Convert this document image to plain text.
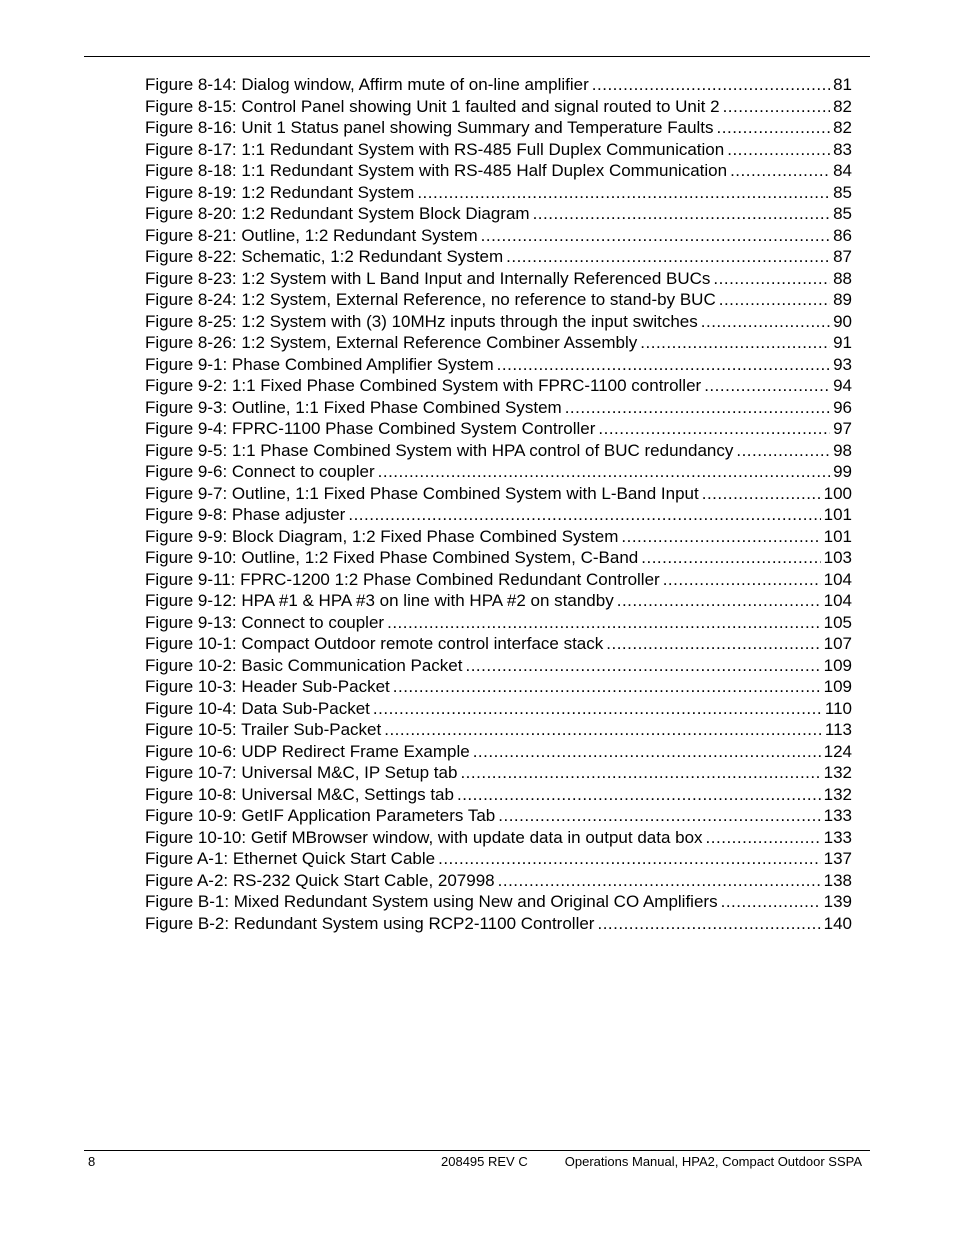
Figure 8-14: Dialog window, Affirm mute of on-line amplifier .....	81
Figure 8-15: Control Panel showing Unit 1 faulted and signal routed to Unit 2 .....	82
Figure 8-16: Unit 1 Status panel showing Summary and Temperature Faults .....	82
Figure 8-17: 1:1 Redundant System with RS-485 Full Duplex Communication .....	83
Figure 8-18: 1:1 Redundant System with RS-485 Half Duplex Communication .....	84
Figure 8-19: 1:2 Redundant System .....	85
Figure 8-20: 1:2 Redundant System Block Diagram .....	85
Figure 8-21: Outline, 1:2 Redundant System .....	86
Figure 8-22: Schematic, 1:2 Redundant System .....	87
Figure 8-23: 1:2 System with L Band Input and Internally Referenced BUCs .....	88
Figure 8-24: 1:2 System, External Reference, no reference to stand-by BUC .....	89
Figure 8-25: 1:2 System with (3) 10MHz inputs through the input switches .....	90
Figure 8-26: 1:2 System, External Reference Combiner Assembly .....	91
Figure 9-1: Phase Combined Amplifier System .....	93
Figure 9-2: 1:1 Fixed Phase Combined System with FPRC-1100 controller .....	94
Figure 9-3: Outline, 1:1 Fixed Phase Combined System .....	96
Figure 9-4: FPRC-1100 Phase Combined System Controller .....	97
Figure 9-5: 1:1 Phase Combined System with HPA control of BUC redundancy .....	98
Figure 9-6: Connect to coupler .....	99
Figure 9-7: Outline, 1:1 Fixed Phase Combined System with L-Band Input .....	100
Figure 9-8: Phase adjuster .....	101
Figure 9-9: Block Diagram, 1:2 Fixed Phase Combined System .....	101
Figure 9-10: Outline, 1:2 Fixed Phase Combined System, C-Band .....	103
Figure 9-11: FPRC-1200 1:2 Phase Combined Redundant Controller .....	104
Figure 9-12: HPA #1 & HPA #3 on line with HPA #2 on standby .....	104
Figure 9-13: Connect to coupler .....	105
Figure 10-1: Compact Outdoor remote control interface stack .....	107
Figure 10-2: Basic Communication Packet .....	109
Figure 10-3: Header Sub-Packet .....	109
Figure 10-4: Data Sub-Packet .....	110
Figure 10-5: Trailer Sub-Packet .....	113
Figure 10-6: UDP Redirect Frame Example .....	124
Figure 10-7: Universal M&C, IP Setup tab .....	132
Figure 10-8: Universal M&C, Settings tab .....	132
Figure 10-9: GetIF Application Parameters Tab .....	133
Figure 10-10: Getif MBrowser window, with update data in output data box .....	133
Figure A-1: Ethernet Quick Start Cable .....	137
Figure A-2: RS-232 Quick Start Cable, 207998 .....	138
Figure B-1: Mixed Redundant System using New and Original CO Amplifiers .....	139
Figure B-2: Redundant System using RCP2-1100 Controller .....	140
8	208495 REV C	Operations Manual, HPA2, Compact Outdoor SSPA
